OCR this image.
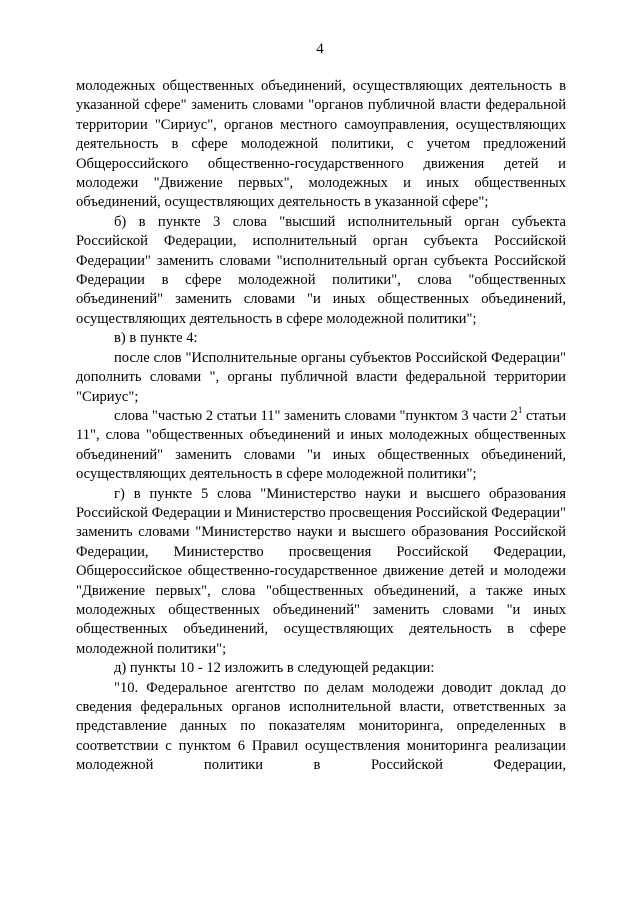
4

молодежных общественных объединений, осуществляющих деятельность в указанной сфере" заменить словами "органов публичной власти федеральной территории "Сириус", органов местного самоуправления, осуществляющих деятельность в сфере молодежной политики, с учетом предложений Общероссийского общественно-государственного движения детей и молодежи "Движение первых", молодежных и иных общественных объединений, осуществляющих деятельность в указанной сфере";

б) в пункте 3 слова "высший исполнительный орган субъекта Российской Федерации, исполнительный орган субъекта Российской Федерации" заменить словами "исполнительный орган субъекта Российской Федерации в сфере молодежной политики", слова "общественных объединений" заменить словами "и иных общественных объединений, осуществляющих деятельность в сфере молодежной политики";

в) в пункте 4:

после слов "Исполнительные органы субъектов Российской Федерации" дополнить словами ", органы публичной власти федеральной территории "Сириус";

слова "частью 2 статьи 11" заменить словами "пунктом 3 части $2^1$ статьи 11", слова "общественных объединений и иных молодежных общественных объединений" заменить словами "и иных общественных объединений, осуществляющих деятельность в сфере молодежной политики";

г) в пункте 5 слова "Министерство науки и высшего образования Российской Федерации и Министерство просвещения Российской Федерации" заменить словами "Министерство науки и высшего образования Российской Федерации, Министерство просвещения Российской Федерации, Общероссийское общественно-государственное движение детей и молодежи "Движение первых", слова "общественных объединений, а также иных молодежных общественных объединений" заменить словами "и иных общественных объединений, осуществляющих деятельность в сфере молодежной политики";

д) пункты 10 - 12 изложить в следующей редакции:

"10. Федеральное агентство по делам молодежи доводит доклад до сведения федеральных органов исполнительной власти, ответственных за представление данных по показателям мониторинга, определенных в соответствии с пунктом 6 Правил осуществления мониторинга реализации молодежной политики в Российской Федерации,
